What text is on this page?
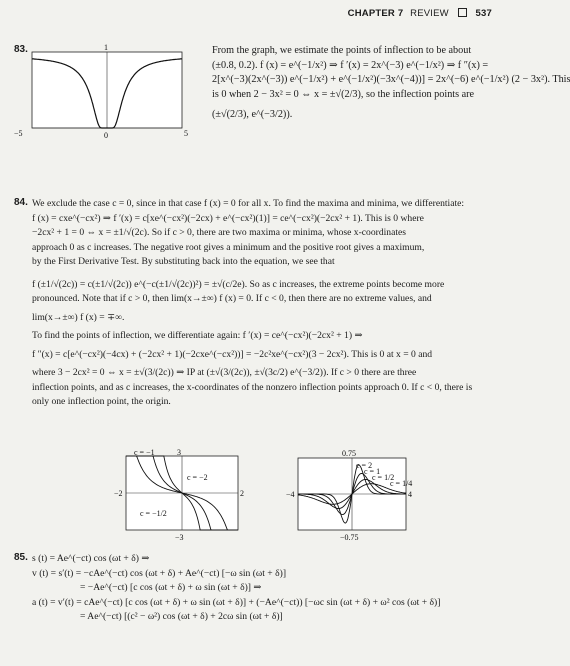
CHAPTER 7 REVIEW	537
83.	1
−5	0	5

From the graph, we estimate the points of inflection to be about

(±0.8, 0.2). f (x) = e^(−1/x²) ⇒ f ′(x) = 2x^(−3) e^(−1/x²) ⇒ f ″(x) =

2[x^(−3)(2x^(−3)) e^(−1/x²) + e^(−1/x²)(−3x^(−4))] = 2x^(−6) e^(−1/x²) (2 − 3x²). This

is 0 when 2 − 3x² = 0 ⇔ x = ±√(2/3), so the inflection points are

(±√(2/3), e^(−3/2)).

84. We exclude the case c = 0, since in that case f (x) = 0 for all x. To find the maxima and minima, we differentiate:

f (x) = cxe^(−cx²) ⇒ f ′(x) = c[xe^(−cx²)(−2cx) + e^(−cx²)(1)] = ce^(−cx²)(−2cx² + 1). This is 0 where

−2cx² + 1 = 0 ⇔ x = ±1/√(2c). So if c > 0, there are two maxima or minima, whose x-coordinates

approach 0 as c increases. The negative root gives a minimum and the positive root gives a maximum,

by the First Derivative Test. By substituting back into the equation, we see that

f (±1/√(2c)) = c(±1/√(2c)) e^(−c(±1/√(2c))²) = ±√(c/2e). So as c increases, the extreme points become more

pronounced. Note that if c > 0, then lim(x→±∞) f (x) = 0. If c < 0, then there are no extreme values, and

lim(x→±∞) f (x) = ∓∞.

To find the points of inflection, we differentiate again: f ′(x) = ce^(−cx²)(−2cx² + 1) ⇒

f ″(x) = c[e^(−cx²)(−4cx) + (−2cx² + 1)(−2cxe^(−cx²))] = −2c²xe^(−cx²)(3 − 2cx²). This is 0 at x = 0 and

where 3 − 2cx² = 0 ⇔ x = ±√(3/(2c)) ⇒ IP at (±√(3/(2c)), ±√(3c/2) e^(−3/2)). If c > 0 there are three

inflection points, and as c increases, the x-coordinates of the nonzero inflection points approach 0. If c < 0, there is

only one inflection point, the origin.

c = −1	3
c = −2
−2	2
c = −1/2
−3
0.75
c = 2
c = 1
c = 1/2
c = 1/4
−4	4
−0.75
85. s (t) = Ae^(−ct) cos (ωt + δ) ⇒

v (t) = s′(t) = −cAe^(−ct) cos (ωt + δ) + Ae^(−ct) [−ω sin (ωt + δ)]

= −Ae^(−ct) [c cos (ωt + δ) + ω sin (ωt + δ)] ⇒

a (t) = v′(t) = cAe^(−ct) [c cos (ωt + δ) + ω sin (ωt + δ)] + (−Ae^(−ct)) [−ωc sin (ωt + δ) + ω² cos (ωt + δ)]

= Ae^(−ct) [(c² − ω²) cos (ωt + δ) + 2cω sin (ωt + δ)]
